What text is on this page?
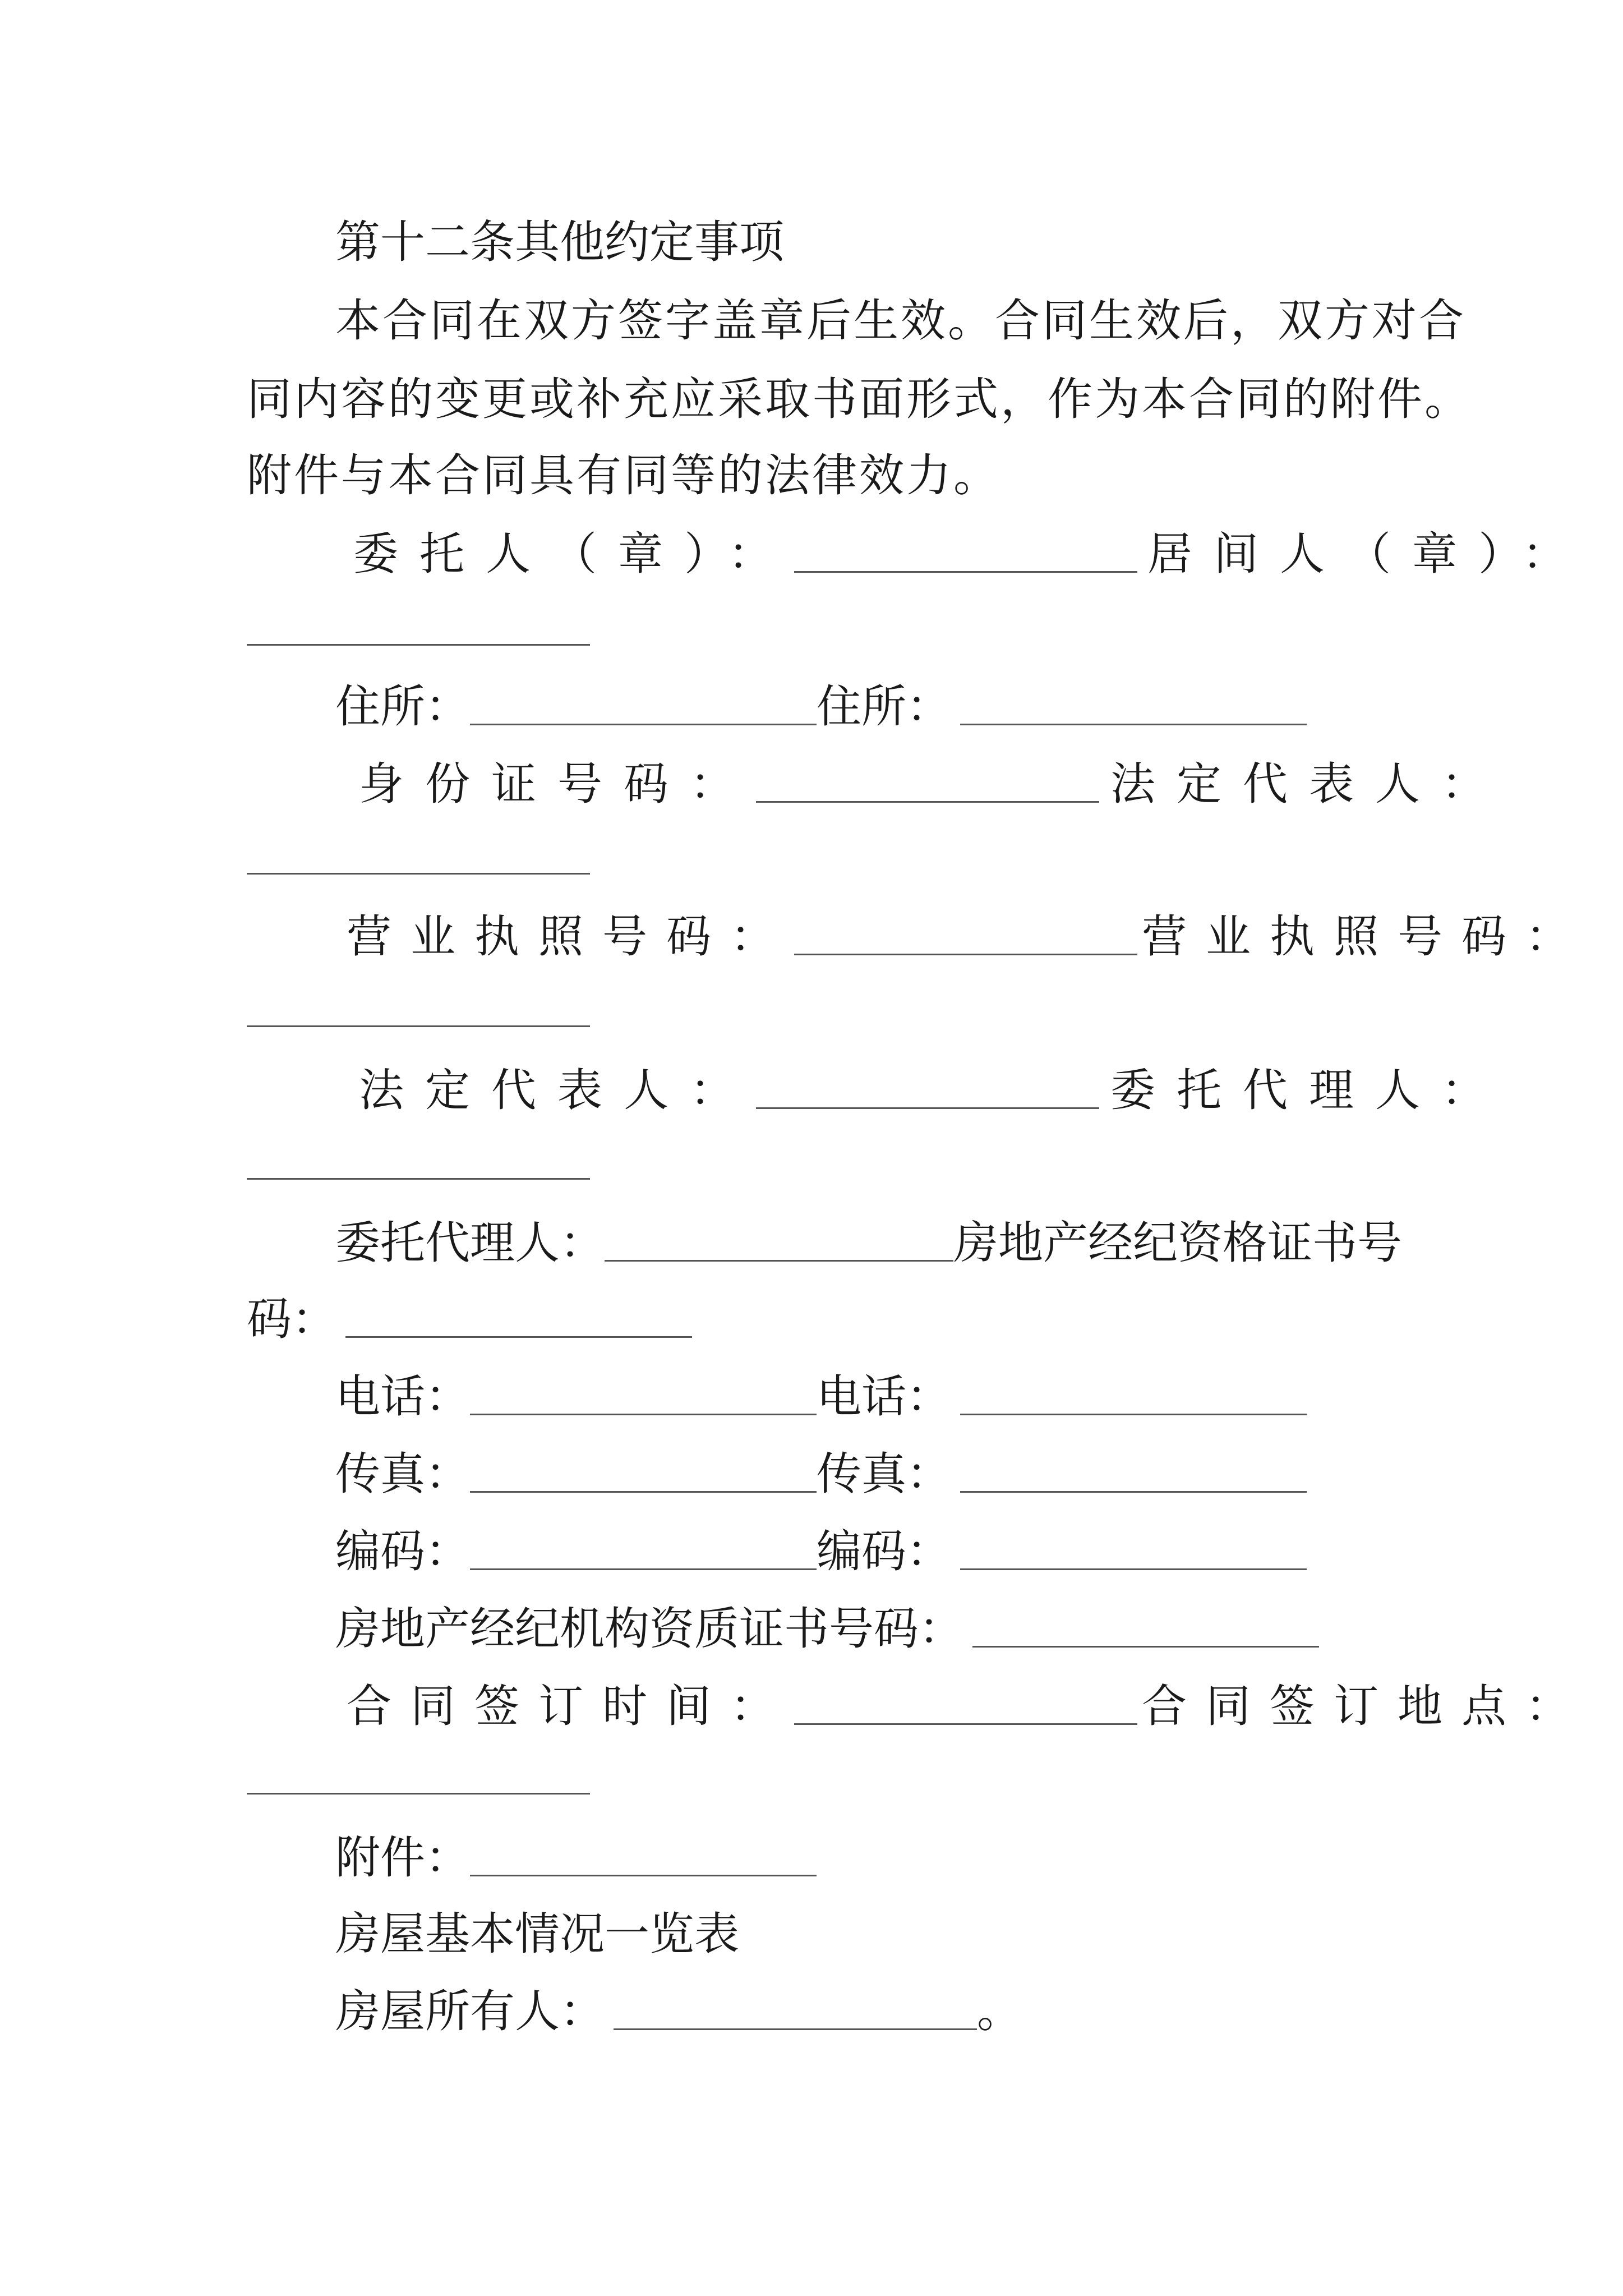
第十二条其他约定事项

本合同在双方签字盖章后生效。合同生效后，双方对合

同内容的变更或补充应采取书面形式，作为本合同的附件。

附件与本合同具有同等的法律效力。

委托人（章）：	居间人（章）：
住所：	住所：
身份证号码：	法定代表人：
营业执照号码：	营业执照号码：
法定代表人：	委托代理人：
委托代理人：	房地产经纪资格证书号
码：
电话：	电话：
传真：	传真：
编码：	编码：
房地产经纪机构资质证书号码：
合同签订时间：	合同签订地点：
附件：

房屋基本情况一览表

房屋所有人：	。
